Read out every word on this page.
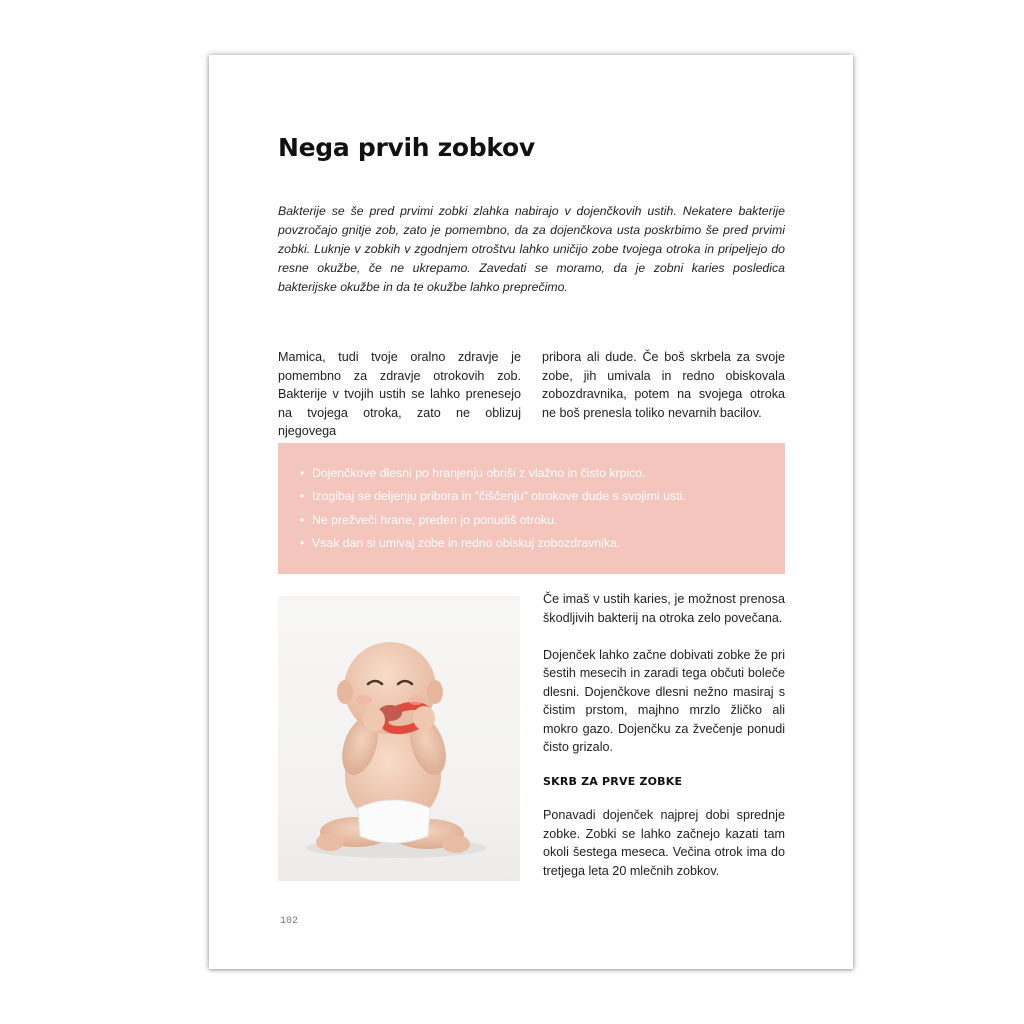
Nega prvih zobkov

Bakterije se še pred prvimi zobki zlahka nabirajo v dojenčkovih ustih. Nekatere bakterije povzročajo gnitje zob, zato je pomembno, da za dojenčkova usta poskrbimo še pred prvimi zobki. Luknje v zobkih v zgodnjem otroštvu lahko uničijo zobe tvojega otroka in pripeljejo do resne okužbe, če ne ukrepamo. Zavedati se moramo, da je zobni karies posledica bakterijske okužbe in da te okužbe lahko preprečimo.

Mamica, tudi tvoje oralno zdravje je pomembno za zdravje otrokovih zob. Bakterije v tvojih ustih se lahko prenesejo na tvojega otroka, zato ne oblizuj njegovega

pribora ali dude. Če boš skrbela za svoje zobe, jih umivala in redno obiskovala zobozdravnika, potem na svojega otroka ne boš prenesla toliko nevarnih bacilov.

• Dojenčkove dlesni po hranjenju obriši z vlažno in čisto krpico.
• Izogibaj se deljenju pribora in "čiščenju" otrokove dude s svojimi usti.
• Ne prežveči hrane, preden jo ponudiš otroku.
• Vsak dan si umivaj zobe in redno obiskuj zobozdravnika.

Če imaš v ustih karies, je možnost prenosa škodljivih bakterij na otroka zelo povečana.

Dojenček lahko začne dobivati zobke že pri šestih mesecih in zaradi tega občuti boleče dlesni. Dojenčkove dlesni nežno masiraj s čistim prstom, majhno mrzlo žličko ali mokro gazo. Dojenčku za žvečenje ponudi čisto grizalo.

SKRB ZA PRVE ZOBKE

Ponavadi dojenček najprej dobi sprednje zobke. Zobki se lahko začnejo kazati tam okoli šestega meseca. Večina otrok ima do tretjega leta 20 mlečnih zobkov.

102
